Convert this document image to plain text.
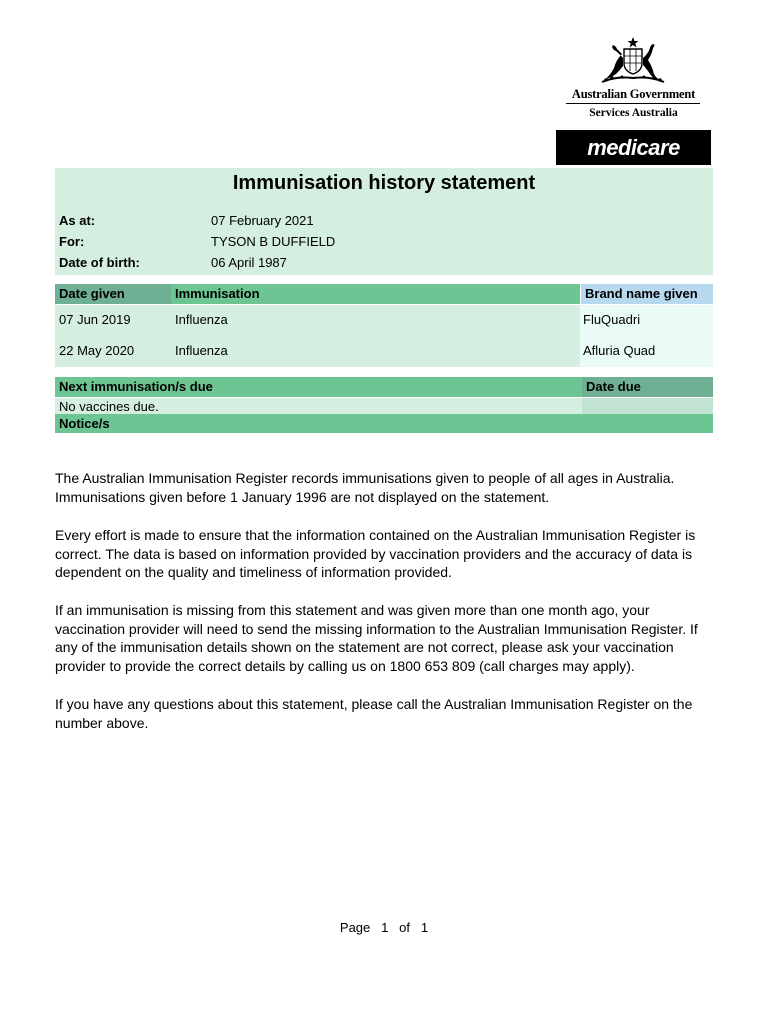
Australian Government
Services Australia
medicare
Immunisation history statement
As at:	07 February 2021
For:	TYSON B DUFFIELD
Date of birth:	06 April 1987
Date given	Immunisation	Brand name given
07 Jun 2019	Influenza	FluQuadri
22 May 2020	Influenza	Afluria Quad
Next immunisation/s due	Date due
No vaccines due.
Notice/s
The Australian Immunisation Register records immunisations given to people of all ages in Australia. Immunisations given before 1 January 1996 are not displayed on the statement.
Every effort is made to ensure that the information contained on the Australian Immunisation Register is correct. The data is based on information provided by vaccination providers and the accuracy of data is dependent on the quality and timeliness of information provided.
If an immunisation is missing from this statement and was given more than one month ago, your vaccination provider will need to send the missing information to the Australian Immunisation Register. If any of the immunisation details shown on the statement are not correct, please ask your vaccination provider to provide the correct details by calling us on 1800 653 809 (call charges may apply).
If you have any questions about this statement, please call the Australian Immunisation Register on the number above.
Page   1   of   1
